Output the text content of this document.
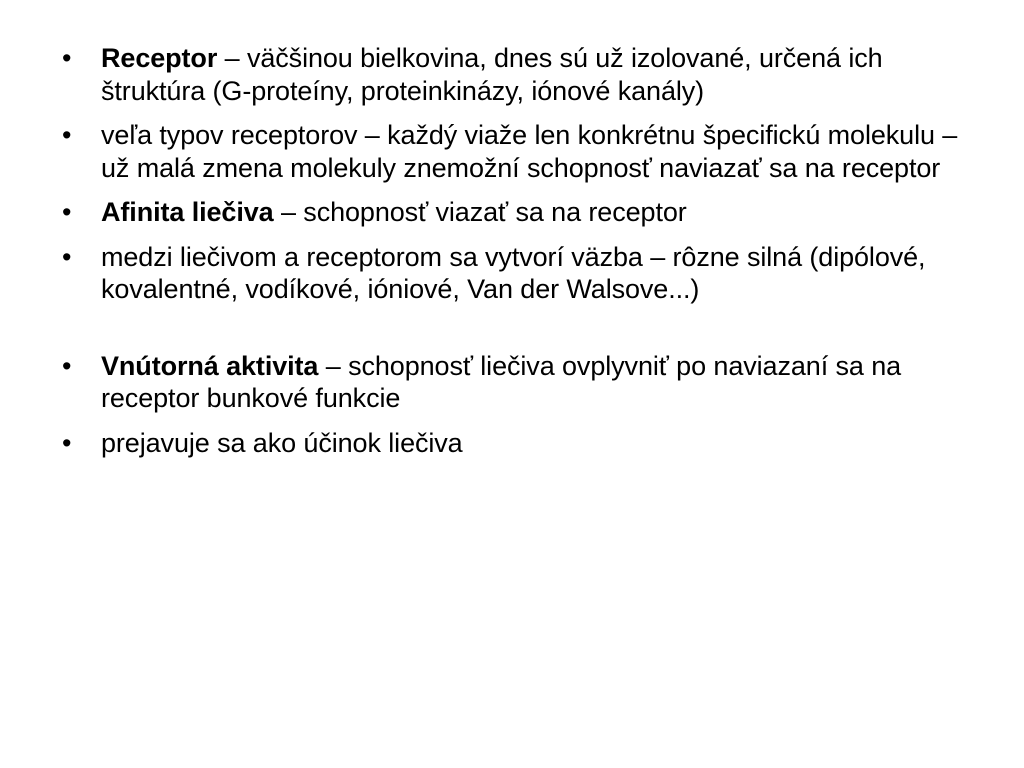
• Receptor – väčšinou bielkovina, dnes sú už izolované, určená ich štruktúra (G-proteíny, proteinkinázy, iónové kanály)
• veľa typov receptorov – každý viaže len konkrétnu špecifickú molekulu – už malá zmena molekuly znemožní schopnosť naviazať sa na receptor
• Afinita liečiva – schopnosť viazať sa na receptor
• medzi liečivom a receptorom sa vytvorí väzba – rôzne silná (dipólové, kovalentné, vodíkové, ióniové, Van der Walsove...)
• Vnútorná aktivita – schopnosť liečiva ovplyvniť po naviazaní sa na receptor bunkové funkcie
• prejavuje sa ako účinok liečiva
